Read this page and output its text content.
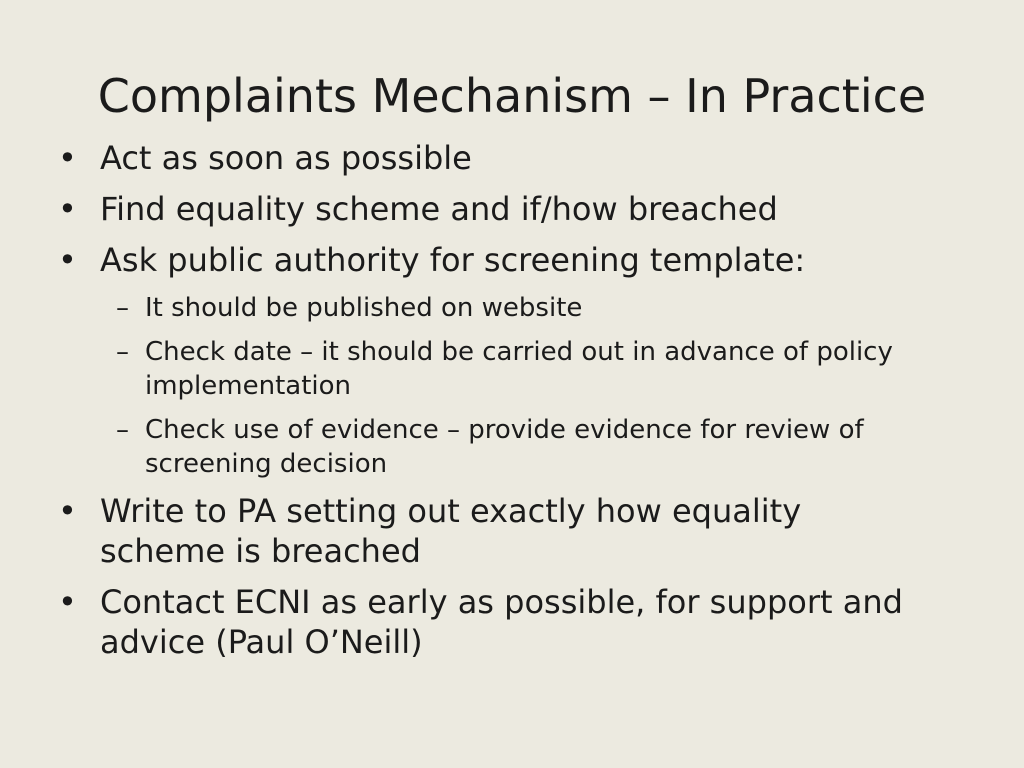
Complaints Mechanism – In Practice
• Act as soon as possible
• Find equality scheme and if/how breached
• Ask public authority for screening template:
– It should be published on website
– Check date – it should be carried out in advance of policy implementation
– Check use of evidence – provide evidence for review of screening decision
• Write to PA setting out exactly how equality scheme is breached
• Contact ECNI as early as possible, for support and advice (Paul O’Neill)
